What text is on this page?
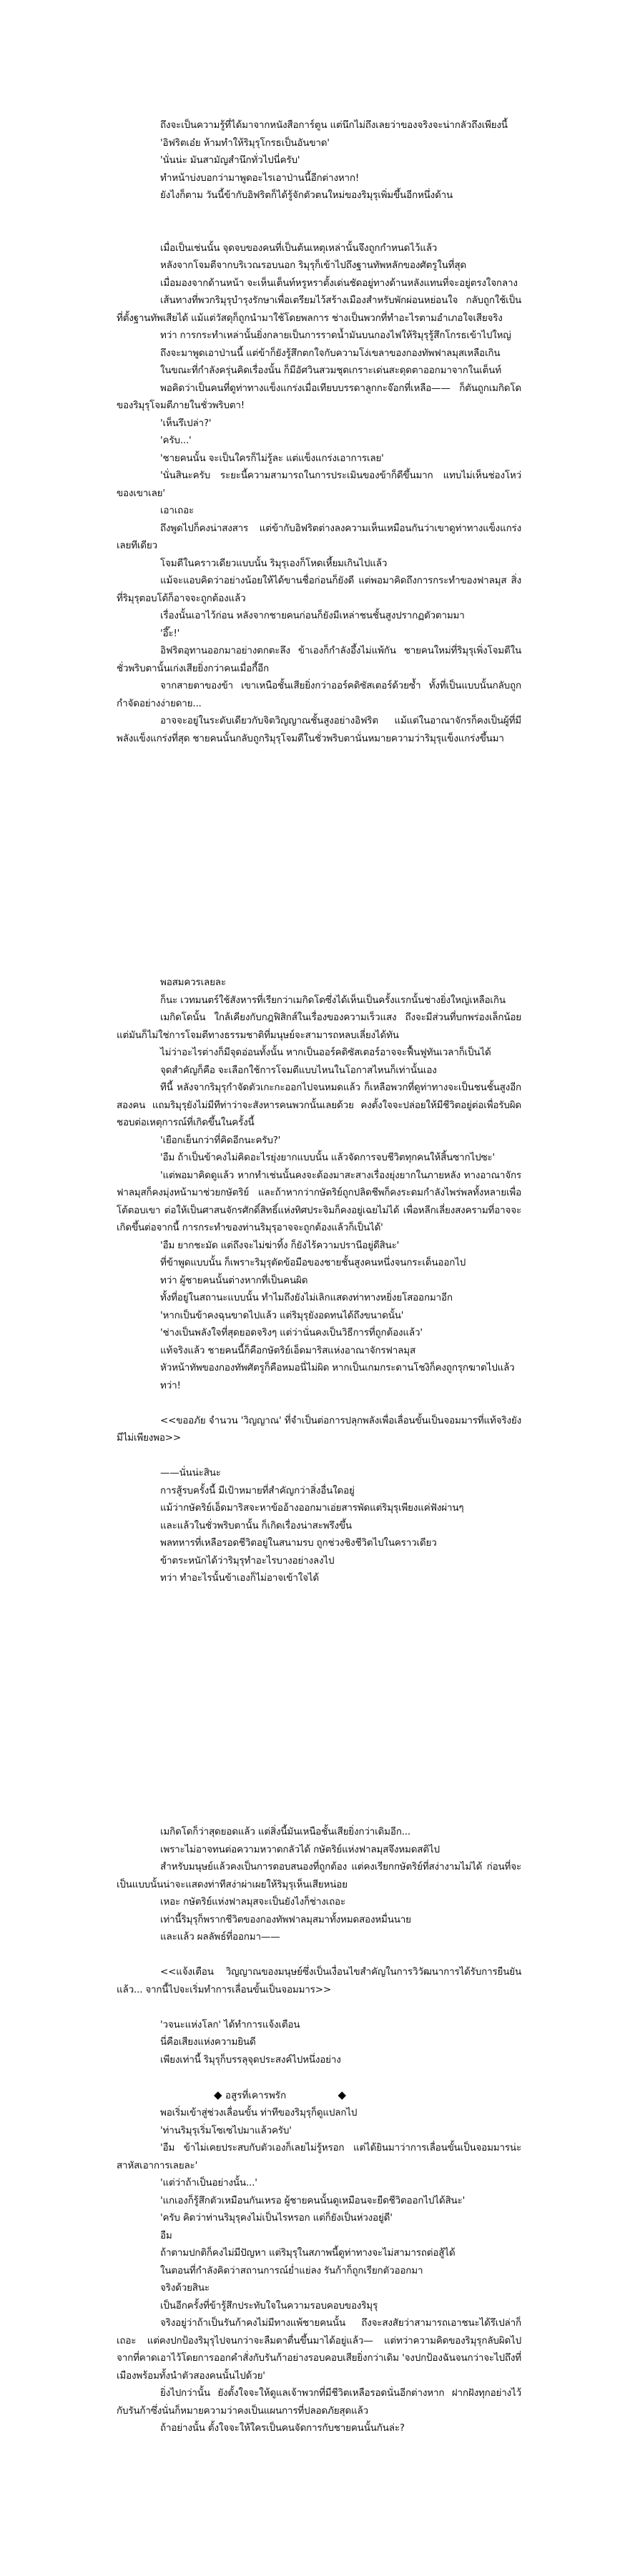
ถึงจะเป็นความรู้ที่ได้มาจากหนังสือการ์ตูน แต่นึกไม่ถึงเลยว่าของจริงจะน่ากลัวถึงเพียงนี้

'อิฟริตเอ๋ย ห้ามทำให้ริมุรุโกรธเป็นอันขาด'

'นั่นน่ะ มันสามัญสำนึกทั่วไปนี่ครับ'

ทำหน้าบ่งบอกว่ามาพูดอะไรเอาป่านนี้อีกต่างหาก!

ยังไงก็ตาม วันนี้ข้ากับอิฟริตก็ได้รู้จักตัวตนใหม่ของริมุรุเพิ่มขึ้นอีกหนึ่งด้าน

เมื่อเป็นเช่นนั้น จุดจบของคนที่เป็นต้นเหตุเหล่านั้นจึงถูกกำหนดไว้แล้ว

หลังจากโจมตีจากบริเวณรอบนอก ริมุรุก็เข้าไปถึงฐานทัพหลักของศัตรูในที่สุด

เมื่อมองจากด้านหน้า จะเห็นเต็นท์หรูหราตั้งเด่นชัดอยู่ทางด้านหลังแทนที่จะอยู่ตรงใจกลาง

เส้นทางที่พวกริมุรุบำรุงรักษาเพื่อเตรียมไว้สร้างเมืองสำหรับพักผ่อนหย่อนใจ กลับถูกใช้เป็นที่ตั้งฐานทัพเสียได้ แม้แต่วัสดุก็ถูกนำมาใช้โดยพลการ ช่างเป็นพวกที่ทำอะไรตามอำเภอใจเสียจริง

ทว่า การกระทำเหล่านั้นยิ่งกลายเป็นการราดน้ำมันบนกองไฟให้ริมุรุรู้สึกโกรธเข้าไปใหญ่

ถึงจะมาพูดเอาป่านนี้ แต่ข้าก็ยังรู้สึกตกใจกับความโง่เขลาของกองทัพฟาลมุสเหลือเกิน

ในขณะที่กำลังครุ่นคิดเรื่องนั้น ก็มีอัศวินสวมชุดเกราะเด่นสะดุดตาออกมาจากในเต็นท์

พอคิดว่าเป็นคนที่ดูท่าทางแข็งแกร่งเมื่อเทียบบรรดาลูกกะจ๊อกที่เหลือ—— ก็ตันถูกเมกิดโดของริมุรุโจมตีภายในชั่วพริบตา!

'เห็นรึเปล่า?'

'ครับ...'

'ชายคนนั้น จะเป็นใครก็ไม่รู้ละ แต่แข็งแกร่งเอาการเลย'

'นั่นสินะครับ ระยะนี้ความสามารถในการประเมินของข้าก็ดีขึ้นมาก แทบไม่เห็นช่องโหว่ของเขาเลย'

เอาเถอะ

ถึงพูดไปก็คงน่าสงสาร แต่ข้ากับอิฟริตต่างลงความเห็นเหมือนกันว่าเขาดูท่าทางแข็งแกร่งเลยทีเดียว

โจมตีในคราวเดียวแบบนั้น ริมุรุเองก็โหดเหี้ยมเกินไปแล้ว

แม้จะแอบคิดว่าอย่างน้อยให้ได้ขานชื่อก่อนก็ยังดี แต่พอมาคิดถึงการกระทำของฟาลมุส สิ่งที่ริมุรุตอบโต้ก็อาจจะถูกต้องแล้ว

เรื่องนั้นเอาไว้ก่อน หลังจากชายคนก่อนก็ยังมีเหล่าชนชั้นสูงปรากฏตัวตามมา

'อึ๊ะ!'

อิฟริตอุทานออกมาอย่างตกตะลึง ข้าเองก็กำลังอึ้งไม่แพ้กัน ชายคนใหม่ที่ริมุรุเพิ่งโจมตีในชั่วพริบตานั้นเก่งเสียยิ่งกว่าคนเมื่อกี้อีก

จากสายตาของข้า เขาเหนือชั้นเสียยิ่งกว่าออร์คดิซัสเตอร์ด้วยซ้ำ ทั้งที่เป็นแบบนั้นกลับถูกกำจัดอย่างง่ายดาย...

อาจจะอยู่ในระดับเดียวกับจิตวิญญาณชั้นสูงอย่างอิฟริต แม้แต่ในอาณาจักรก็คงเป็นผู้ที่มีพลังแข็งแกร่งที่สุด ชายคนนั้นกลับถูกริมุรุโจมตีในชั่วพริบตานั่นหมายความว่าริมุรุแข็งแกร่งขึ้นมา

พอสมควรเลยละ

ก็นะ เวทมนตร์ใช้สังหารที่เรียกว่าเมกิดโดซึ่งได้เห็นเป็นครั้งแรกนั้นช่างยิ่งใหญ่เหลือเกิน

เมกิดโดนั้น ใกล้เคียงกับกฎฟิสิกส์ในเรื่องของความเร็วแสง ถึงจะมีส่วนที่บกพร่องเล็กน้อย แต่มันก็ไม่ใช่การโจมตีทางธรรมชาติที่มนุษย์จะสามารถหลบเลี่ยงได้ทัน

ไม่ว่าอะไรต่างก็มีจุดอ่อนทั้งนั้น หากเป็นออร์คดิซัสเตอร์อาจจะฟื้นฟูทันเวลาก็เป็นได้

จุดสำคัญก็คือ จะเลือกใช้การโจมตีแบบไหนในโอกาสไหนก็เท่านั้นเอง

ทีนี้ หลังจากริมุรุกำจัดตัวเกะกะออกไปจนหมดแล้ว ก็เหลือพวกที่ดูท่าทางจะเป็นชนชั้นสูงอีกสองคน แถมริมุรุยังไม่มีทีท่าว่าจะสังหารคนพวกนั้นเลยด้วย คงตั้งใจจะปล่อยให้มีชีวิตอยู่ต่อเพื่อรับผิดชอบต่อเหตุการณ์ที่เกิดขึ้นในครั้งนี้

'เยือกเย็นกว่าที่คิดอีกนะครับ?'

'อืม ถ้าเป็นข้าคงไม่คิดอะไรยุ่งยากแบบนั้น แล้วจัดการจบชีวิตทุกคนให้สิ้นซากไปซะ'

'แต่พอมาคิดดูแล้ว หากทำเช่นนั้นคงจะต้องมาสะสางเรื่องยุ่งยากในภายหลัง ทางอาณาจักรฟาลมุสก็คงมุ่งหน้ามาช่วยกษัตริย์ และถ้าหากว่ากษัตริย์ถูกปลิดชีพก็คงระดมกำลังไพร่พลทั้งหลายเพื่อโต้ตอบเขา ต่อให้เป็นศาสนจักรศักดิ์สิทธิ์แห่งทิศประจิมก็คงอยู่เฉยไม่ได้ เพื่อหลีกเลี่ยงสงครามที่อาจจะเกิดขึ้นต่อจากนี้ การกระทำของท่านริมุรุอาจจะถูกต้องแล้วก็เป็นได้'

'อืม ยากชะมัด แต่ถึงจะไม่ฆ่าทิ้ง ก็ยังไร้ความปรานีอยู่ดีสินะ'

ที่ข้าพูดแบบนั้น ก็เพราะริมุรุตัดข้อมือของชายชั้นสูงคนหนึ่งจนกระเด็นออกไป

ทว่า ผู้ชายคนนั้นต่างหากที่เป็นคนผิด

ทั้งที่อยู่ในสถานะแบบนั้น ทำไมถึงยังไม่เลิกแสดงท่าทางหยิ่งยโสออกมาอีก

'หากเป็นข้าคงฉุนขาดไปแล้ว แต่ริมุรุยังอดทนได้ถึงขนาดนั้น'

'ช่างเป็นพลังใจที่สุดยอดจริงๆ แต่ว่านั่นคงเป็นวิธีการที่ถูกต้องแล้ว'

แท้จริงแล้ว ชายคนนี้ก็คือกษัตริย์เอ็ดมาริสแห่งอาณาจักรฟาลมุส

หัวหน้าทัพของกองทัพศัตรูก็คือหมอนี่ไม่ผิด หากเป็นเกมกระดานโชงิก็คงถูกรุกฆาตไปแล้ว

ทว่า!

<<ขออภัย จำนวน 'วิญญาณ' ที่จำเป็นต่อการปลุกพลังเพื่อเลื่อนขั้นเป็นจอมมารที่แท้จริงยังมีไม่เพียงพอ>>

——นั่นน่ะสินะ

การสู้รบครั้งนี้ มีเป้าหมายที่สำคัญกว่าสิ่งอื่นใดอยู่

แม้ว่ากษัตริย์เอ็ดมาริสจะหาข้ออ้างออกมาเอ่ยสารพัดแต่ริมุรุเพียงแค่ฟังผ่านๆ

และแล้วในชั่วพริบตานั้น ก็เกิดเรื่องน่าสะพรึงขึ้น

พลทหารที่เหลือรอดชีวิตอยู่ในสนามรบ ถูกช่วงชิงชีวิตไปในคราวเดียว

ข้าตระหนักได้ว่าริมุรุทำอะไรบางอย่างลงไป

ทว่า ทำอะไรนั้นข้าเองก็ไม่อาจเข้าใจได้

เมกิดโดก็ว่าสุดยอดแล้ว แต่สิ่งนี้มันเหนือชั้นเสียยิ่งกว่าเดิมอีก...

เพราะไม่อาจทนต่อความหวาดกลัวได้ กษัตริย์แห่งฟาลมุสจึงหมดสติไป

สำหรับมนุษย์แล้วคงเป็นการตอบสนองที่ถูกต้อง แต่คงเรียกกษัตริย์ที่สง่างามไม่ได้ ก่อนที่จะเป็นแบบนั้นน่าจะแสดงท่าทีสง่าผ่าเผยให้ริมุรุเห็นเสียหน่อย

เหอะ กษัตริย์แห่งฟาลมุสจะเป็นยังไงก็ช่างเถอะ

เท่านี้ริมุรุก็พรากชีวิตของกองทัพฟาลมุสมาทั้งหมดสองหมื่นนาย

และแล้ว ผลลัพธ์ที่ออกมา——

<<แจ้งเตือน วิญญาณของมนุษย์ซึ่งเป็นเงื่อนไขสำคัญในการวิวัฒนาการได้รับการยืนยันแล้ว... จากนี้ไปจะเริ่มทำการเลื่อนขั้นเป็นจอมมาร>>

'วจนะแห่งโลก' ได้ทำการแจ้งเตือน

นี่คือเสียงแห่งความยินดี

เพียงเท่านี้ ริมุรุก็บรรลุจุดประสงค์ไปหนึ่งอย่าง

◆ อสูรที่เคารพรัก	◆

พอเริ่มเข้าสู่ช่วงเลื่อนขั้น ท่าทีของริมุรุก็ดูแปลกไป

'ท่านริมุรุเริ่มโซเซไปมาแล้วครับ'

'อืม ข้าไม่เคยประสบกับตัวเองก็เลยไม่รู้หรอก แต่ได้ยินมาว่าการเลื่อนขั้นเป็นจอมมารน่ะสาหัสเอาการเลยละ'

'แต่ว่าถ้าเป็นอย่างนั้น...'

'แกเองก็รู้สึกตัวเหมือนกันเหรอ ผู้ชายคนนั้นดูเหมือนจะยืดชีวิตออกไปได้สินะ'

'ครับ คิดว่าท่านริมุรุคงไม่เป็นไรหรอก แต่ก็ยังเป็นห่วงอยู่ดี'

อืม

ถ้าตามปกติก็คงไม่มีปัญหา แต่ริมุรุในสภาพนี้ดูท่าทางจะไม่สามารถต่อสู้ได้

ในตอนที่กำลังคิดว่าสถานการณ์ย่ำแย่ลง รันก้าก็ถูกเรียกตัวออกมา

จริงด้วยสินะ

เป็นอีกครั้งที่ข้ารู้สึกประทับใจในความรอบคอบของริมุรุ

จริงอยู่ว่าถ้าเป็นรันก้าคงไม่มีทางแพ้ชายคนนั้น ถึงจะสงสัยว่าสามารถเอาชนะได้รึเปล่าก็เถอะ แต่คงปกป้องริมุรุไปจนกว่าจะลืมตาตื่นขึ้นมาได้อยู่แล้ว— แต่ทว่าความคิดของริมุรุกลับผิดไปจากที่คาดเอาไว้โดยการออกคำสั่งกับรันก้าอย่างรอบคอบเสียยิ่งกว่าเดิม 'จงปกป้องฉันจนกว่าจะไปถึงที่เมืองพร้อมทั้งนำตัวสองคนนั้นไปด้วย'

ยิ่งไปกว่านั้น ยังตั้งใจจะให้ดูแลเจ้าพวกที่มีชีวิตเหลือรอดนั่นอีกต่างหาก ฝากฝังทุกอย่างไว้กับรันก้าซึ่งนั่นก็หมายความว่าคงเป็นแผนการที่ปลอดภัยสุดแล้ว

ถ้าอย่างนั้น ตั้งใจจะให้ใครเป็นคนจัดการกับชายคนนั้นกันล่ะ?
